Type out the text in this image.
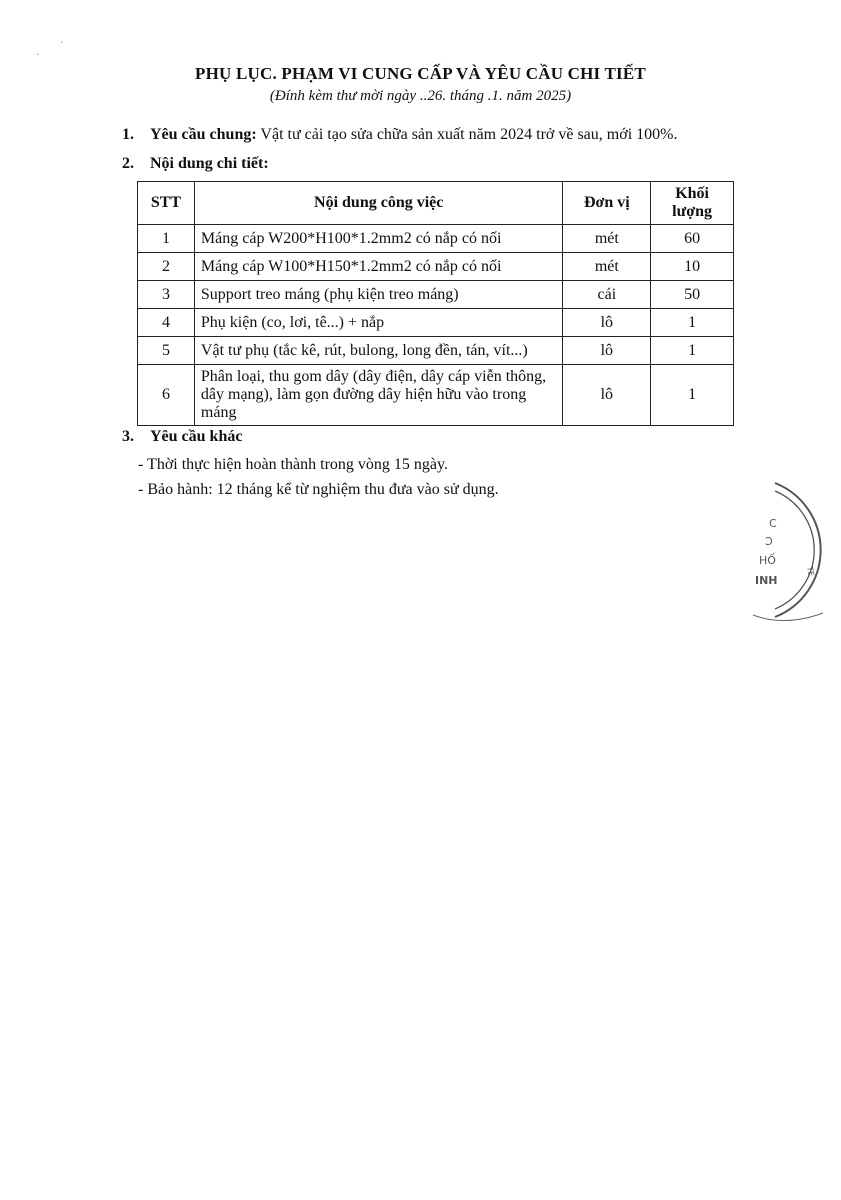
·
·
PHỤ LỤC. PHẠM VI CUNG CẤP VÀ YÊU CẦU CHI TIẾT
(Đính kèm thư mời ngày ..26. tháng .1. năm 2025)
1. Yêu cầu chung: Vật tư cải tạo sửa chữa sản xuất năm 2024 trở về sau, mới 100%.
2. Nội dung chi tiết:
STT	Nội dung công việc	Đơn vị	Khối lượng
1	Máng cáp W200*H100*1.2mm2 có nắp có nối	mét	60
2	Máng cáp W100*H150*1.2mm2 có nắp có nối	mét	10
3	Support treo máng (phụ kiện treo máng)	cái	50
4	Phụ kiện (co, lơi, tê...) + nắp	lô	1
5	Vật tư phụ (tắc kê, rút, bulong, long đền, tán, vít...)	lô	1
6	Phân loại, thu gom dây (dây điện, dây cáp viễn thông, dây mạng), làm gọn đường dây hiện hữu vào trong máng	lô	1
3. Yêu cầu khác
- Thời thực hiện hoàn thành trong vòng 15 ngày.
- Bảo hành: 12 tháng kể từ nghiệm thu đưa vào sử dụng.
C
Ͻ
HỐ
INH
TE
